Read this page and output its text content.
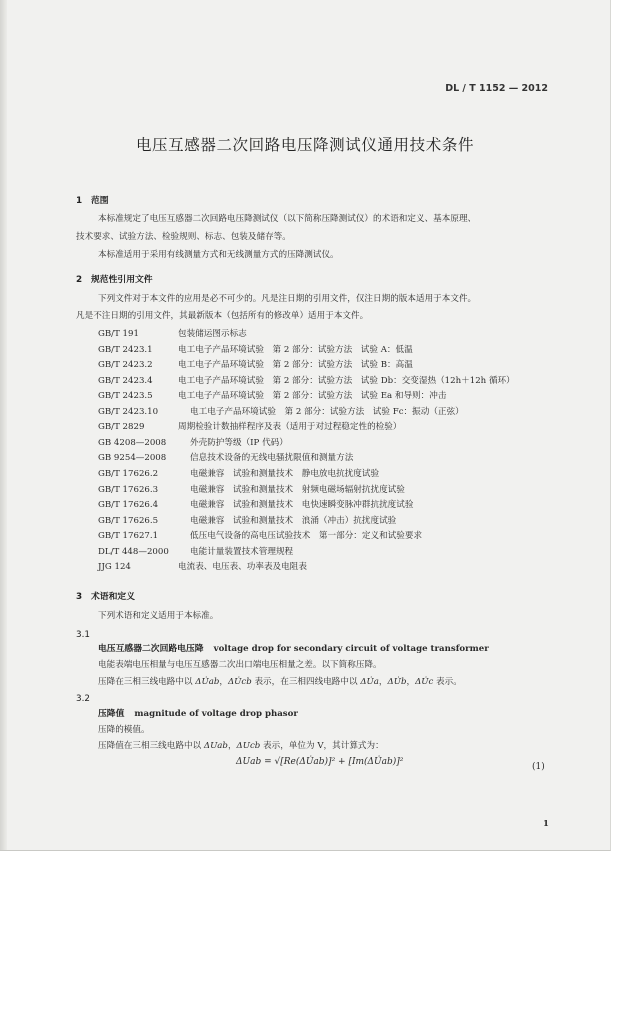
DL / T 1152 — 2012
电压互感器二次回路电压降测试仪通用技术条件
1 范围
本标准规定了电压互感器二次回路电压降测试仪（以下简称压降测试仪）的术语和定义、基本原理、
技术要求、试验方法、检验规则、标志、包装及储存等。
本标准适用于采用有线测量方式和无线测量方式的压降测试仪。
2 规范性引用文件
下列文件对于本文件的应用是必不可少的。凡是注日期的引用文件，仅注日期的版本适用于本文件。
凡是不注日期的引用文件，其最新版本（包括所有的修改单）适用于本文件。
GB/T 191	包装储运图示标志
GB/T 2423.1	电工电子产品环境试验　第 2 部分：试验方法　试验 A：低温
GB/T 2423.2	电工电子产品环境试验　第 2 部分：试验方法　试验 B：高温
GB/T 2423.4	电工电子产品环境试验　第 2 部分：试验方法　试验 Db：交变湿热（12h＋12h 循环）
GB/T 2423.5	电工电子产品环境试验　第 2 部分：试验方法　试验 Ea 和导则：冲击
GB/T 2423.10	电工电子产品环境试验　第 2 部分：试验方法　试验 Fc：振动（正弦）
GB/T 2829	周期检验计数抽样程序及表（适用于对过程稳定性的检验）
GB 4208—2008	外壳防护等级（IP 代码）
GB 9254—2008	信息技术设备的无线电骚扰限值和测量方法
GB/T 17626.2	电磁兼容　试验和测量技术　静电放电抗扰度试验
GB/T 17626.3	电磁兼容　试验和测量技术　射频电磁场辐射抗扰度试验
GB/T 17626.4	电磁兼容　试验和测量技术　电快速瞬变脉冲群抗扰度试验
GB/T 17626.5	电磁兼容　试验和测量技术　浪涌（冲击）抗扰度试验
GB/T 17627.1	低压电气设备的高电压试验技术　第一部分：定义和试验要求
DL/T 448—2000 电能计量装置技术管理规程
JJG 124	电流表、电压表、功率表及电阻表
3 术语和定义
下列术语和定义适用于本标准。
3.1
电压互感器二次回路电压降 voltage drop for secondary circuit of voltage transformer
电能表端电压相量与电压互感器二次出口端电压相量之差。以下简称压降。
压降在三相三线电路中以 ΔU̇ab，ΔU̇cb 表示，在三相四线电路中以 ΔU̇a，ΔU̇b，ΔU̇c 表示。
3.2
压降值 magnitude of voltage drop phasor
压降的模值。
压降值在三相三线电路中以 ΔUab，ΔUcb 表示，单位为 V，其计算式为：
ΔUab = √[Re(ΔU̇ab)]² + [Im(ΔU̇ab)]²	(1)
1
